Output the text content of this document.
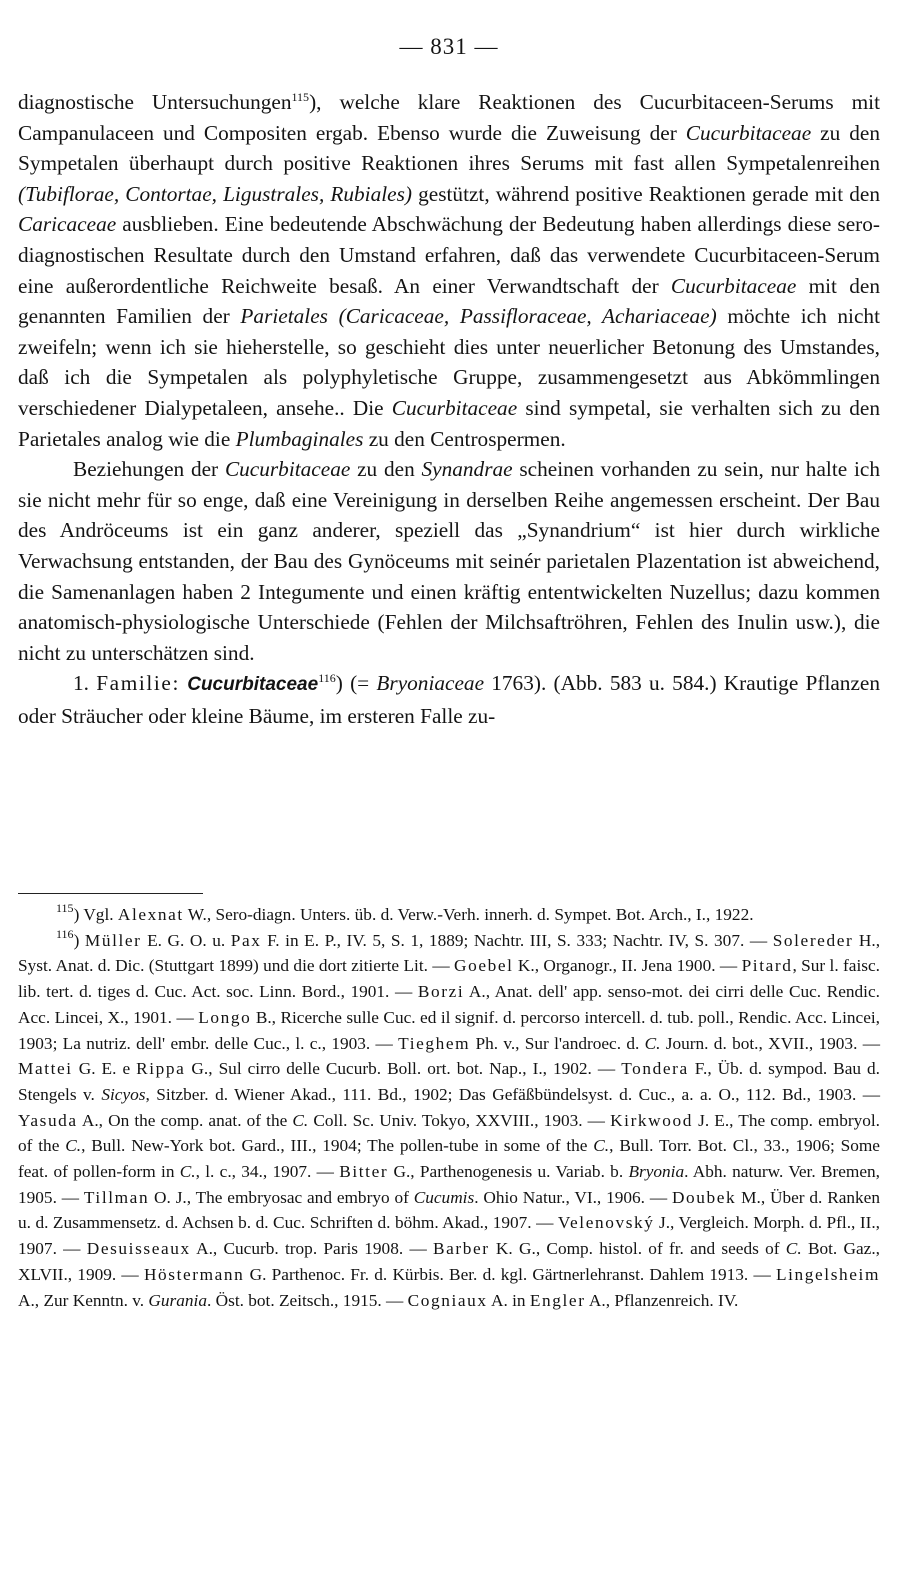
— 831 —

diagnostische Untersuchungen$^{115}$), welche klare Reaktionen des Cucurbitaceen-Serums mit Campanulaceen und Compositen ergab. Ebenso wurde die Zuweisung der Cucurbitaceae zu den Sympetalen überhaupt durch positive Reaktionen ihres Serums mit fast allen Sympetalenreihen (Tubiflorae, Contortae, Ligustrales, Rubiales) gestützt, während positive Reaktionen gerade mit den Caricaceae ausblieben. Eine bedeutende Abschwächung der Bedeutung haben allerdings diese sero-diagnostischen Resultate durch den Umstand erfahren, daß das verwendete Cucurbitaceen-Serum eine außerordentliche Reichweite besaß. An einer Verwandtschaft der Cucurbitaceae mit den genannten Familien der Parietales (Caricaceae, Passifloraceae, Achariaceae) möchte ich nicht zweifeln; wenn ich sie hieherstelle, so geschieht dies unter neuerlicher Betonung des Umstandes, daß ich die Sympetalen als polyphyletische Gruppe, zusammengesetzt aus Abkömmlingen verschiedener Dialypetaleen, ansehe.. Die Cucurbitaceae sind sympetal, sie verhalten sich zu den Parietales analog wie die Plumbaginales zu den Centrospermen.

Beziehungen der Cucurbitaceae zu den Synandrae scheinen vorhanden zu sein, nur halte ich sie nicht mehr für so enge, daß eine Vereinigung in derselben Reihe angemessen erscheint. Der Bau des Andröceums ist ein ganz anderer, speziell das „Synandrium“ ist hier durch wirkliche Verwachsung entstanden, der Bau des Gynöceums mit seinér parietalen Plazentation ist abweichend, die Samenanlagen haben 2 Integumente und einen kräftig ententwickelten Nuzellus; dazu kommen anatomisch-physiologische Unterschiede (Fehlen der Milchsaftröhren, Fehlen des Inulin usw.), die nicht zu unterschätzen sind.

1. Familie: Cucurbitaceae$^{116}$) (= Bryoniaceae 1763). (Abb. 583 u. 584.) Krautige Pflanzen oder Sträucher oder kleine Bäume, im ersteren Falle zu-

$^{115}$) Vgl. Alexnat W., Sero-diagn. Unters. üb. d. Verw.-Verh. innerh. d. Sympet. Bot. Arch., I., 1922.

$^{116}$) Müller E. G. O. u. Pax F. in E. P., IV. 5, S. 1, 1889; Nachtr. III, S. 333; Nachtr. IV, S. 307. — Solereder H., Syst. Anat. d. Dic. (Stuttgart 1899) und die dort zitierte Lit. — Goebel K., Organogr., II. Jena 1900. — Pitard, Sur l. faisc. lib. tert. d. tiges d. Cuc. Act. soc. Linn. Bord., 1901. — Borzi A., Anat. dell' app. senso-mot. dei cirri delle Cuc. Rendic. Acc. Lincei, X., 1901. — Longo B., Ricerche sulle Cuc. ed il signif. d. percorso intercell. d. tub. poll., Rendic. Acc. Lincei, 1903; La nutriz. dell' embr. delle Cuc., l. c., 1903. — Tieghem Ph. v., Sur l'androec. d. C. Journ. d. bot., XVII., 1903. — Mattei G. E. e Rippa G., Sul cirro delle Cucurb. Boll. ort. bot. Nap., I., 1902. — Tondera F., Üb. d. sympod. Bau d. Stengels v. Sicyos, Sitzber. d. Wiener Akad., 111. Bd., 1902; Das Gefäßbündelsyst. d. Cuc., a. a. O., 112. Bd., 1903. — Yasuda A., On the comp. anat. of the C. Coll. Sc. Univ. Tokyo, XXVIII., 1903. — Kirkwood J. E., The comp. embryol. of the C., Bull. New-York bot. Gard., III., 1904; The pollen-tube in some of the C., Bull. Torr. Bot. Cl., 33., 1906; Some feat. of pollen-form in C., l. c., 34., 1907. — Bitter G., Parthenogenesis u. Variab. b. Bryonia. Abh. naturw. Ver. Bremen, 1905. — Tillman O. J., The embryosac and embryo of Cucumis. Ohio Natur., VI., 1906. — Doubek M., Über d. Ranken u. d. Zusammensetz. d. Achsen b. d. Cuc. Schriften d. böhm. Akad., 1907. — Velenovský J., Vergleich. Morph. d. Pfl., II., 1907. — Desuisseaux A., Cucurb. trop. Paris 1908. — Barber K. G., Comp. histol. of fr. and seeds of C. Bot. Gaz., XLVII., 1909. — Höstermann G. Parthenoc. Fr. d. Kürbis. Ber. d. kgl. Gärtnerlehranst. Dahlem 1913. — Lingelsheim A., Zur Kenntn. v. Gurania. Öst. bot. Zeitsch., 1915. — Cogniaux A. in Engler A., Pflanzenreich. IV.
